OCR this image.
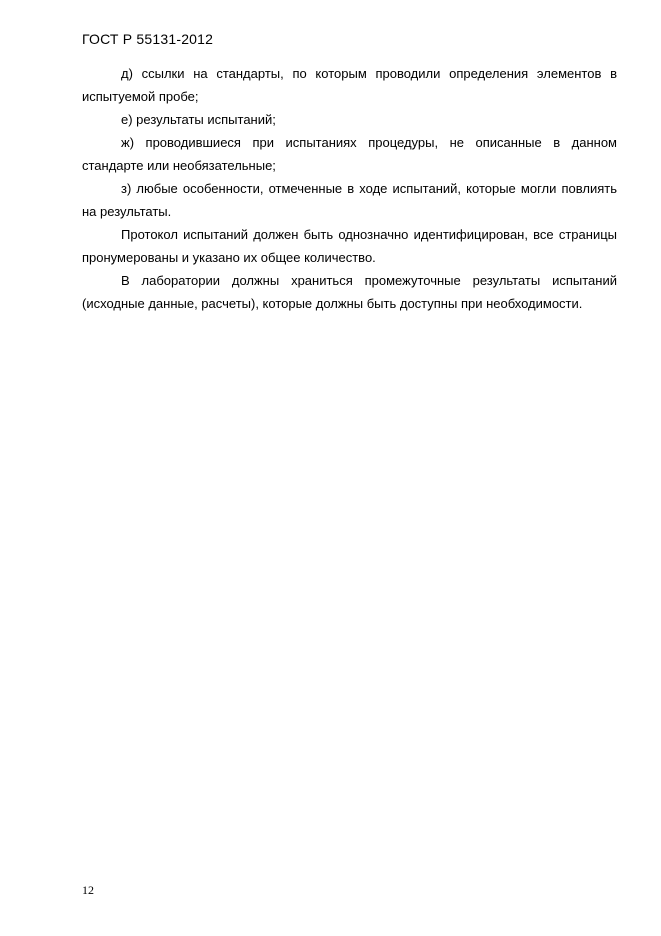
ГОСТ Р 55131-2012

д) ссылки на стандарты, по которым проводили определения элементов в испытуемой пробе;

е) результаты испытаний;

ж) проводившиеся при испытаниях процедуры, не описанные в данном стандарте или необязательные;

з) любые особенности, отмеченные в ходе испытаний, которые могли повлиять на результаты.

Протокол испытаний должен быть однозначно идентифицирован, все страницы пронумерованы и указано их общее количество.

В лаборатории должны храниться промежуточные результаты испытаний (исходные данные, расчеты), которые должны быть доступны при необходимости.

12
